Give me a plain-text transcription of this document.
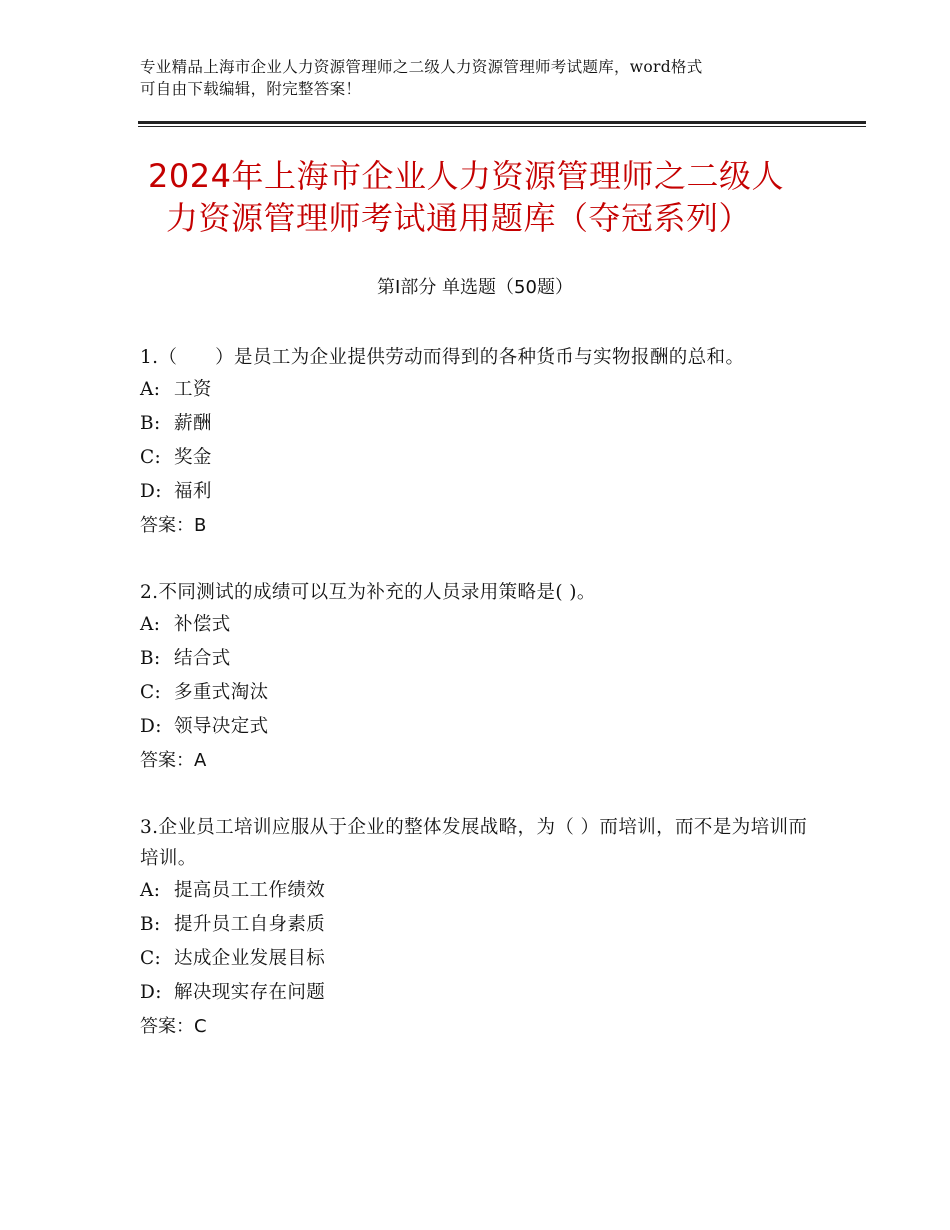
专业精品上海市企业人力资源管理师之二级人力资源管理师考试题库，word格式
可自由下载编辑，附完整答案！
2024年上海市企业人力资源管理师之二级人
力资源管理师考试通用题库（夺冠系列）
第Ⅰ部分 单选题（50题）

1.（　　）是员工为企业提供劳动而得到的各种货币与实物报酬的总和。

A: 工资

B: 薪酬

C: 奖金

D: 福利

答案：B

2.不同测试的成绩可以互为补充的人员录用策略是( )。

A: 补偿式

B: 结合式

C: 多重式淘汰

D: 领导决定式

答案：A

3.企业员工培训应服从于企业的整体发展战略，为（ ）而培训，而不是为培训而培训。

A: 提高员工工作绩效

B: 提升员工自身素质

C: 达成企业发展目标

D: 解决现实存在问题

答案：C
